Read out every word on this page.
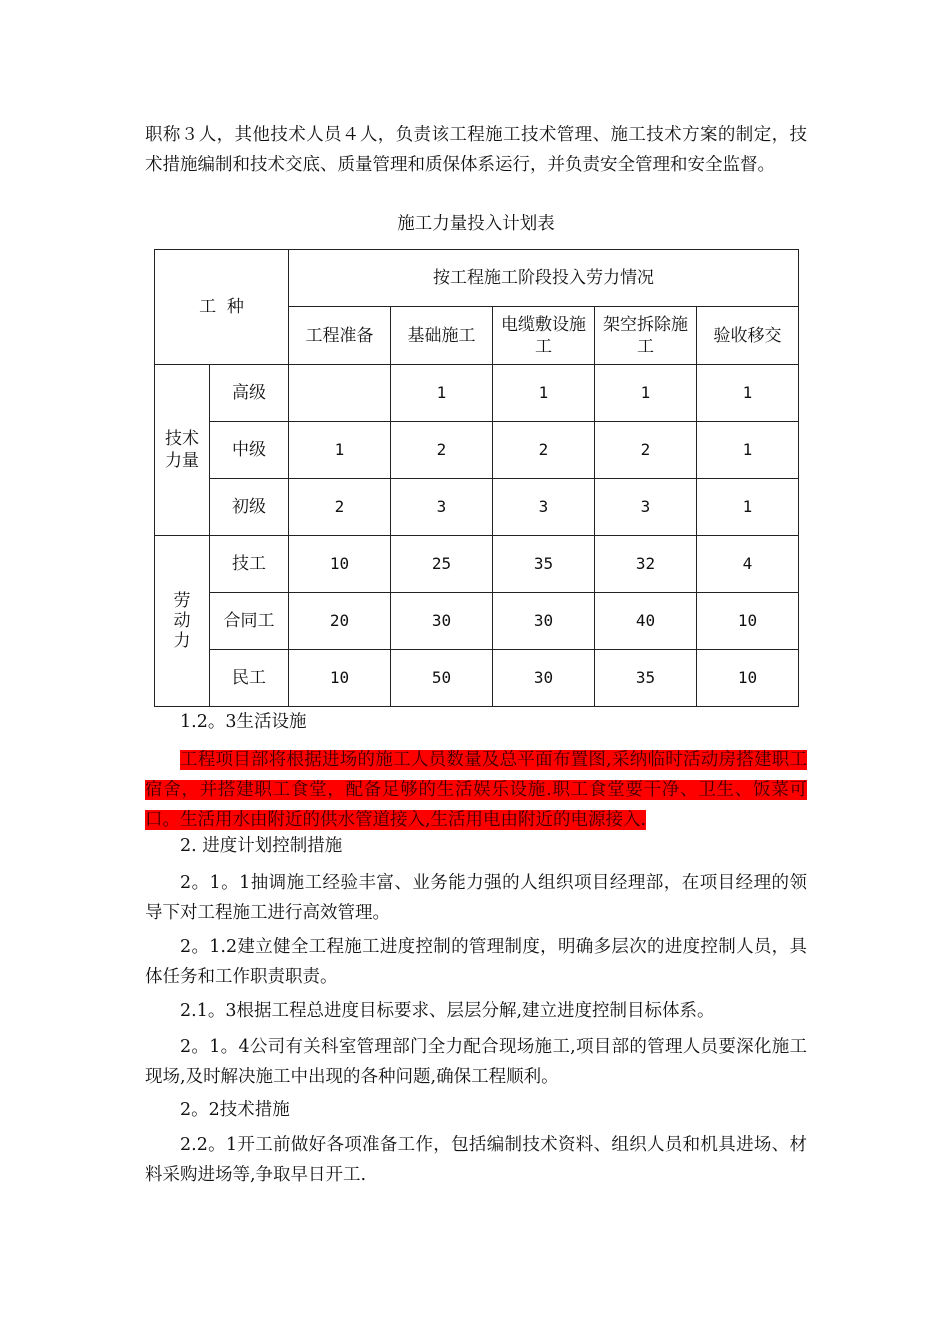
职称３人，其他技术人员４人，负责该工程施工技术管理、施工技术方案的制定，技术措施编制和技术交底、质量管理和质保体系运行，并负责安全管理和安全监督。

施工力量投入计划表
工  种		按工程施工阶段投入劳力情况				
		工程准备	基础施工	电缆敷设施工	架空拆除施工	验收移交
技术力量	高级		1	1	1	1
	中级	1	2	2	2	1
	初级	2	3	3	3	1
劳动力	技工	10	25	35	32	4
	合同工	20	30	30	40	10
	民工	10	50	30	35	10
1.2。3生活设施

工程项目部将根据进场的施工人员数量及总平面布置图,采纳临时活动房搭建职工宿舍，并搭建职工食堂，配备足够的生活娱乐设施.职工食堂要干净、卫生、饭菜可口。生活用水由附近的供水管道接入,生活用电由附近的电源接入.

2. 进度计划控制措施

2。1。1抽调施工经验丰富、业务能力强的人组织项目经理部，在项目经理的领导下对工程施工进行高效管理。

2。1.2建立健全工程施工进度控制的管理制度，明确多层次的进度控制人员，具体任务和工作职责职责。

2.1。3根据工程总进度目标要求、层层分解,建立进度控制目标体系。

2。1。4公司有关科室管理部门全力配合现场施工,项目部的管理人员要深化施工现场,及时解决施工中出现的各种问题,确保工程顺利。

2。2技术措施

2.2。1开工前做好各项准备工作，包括编制技术资料、组织人员和机具进场、材料采购进场等,争取早日开工.
